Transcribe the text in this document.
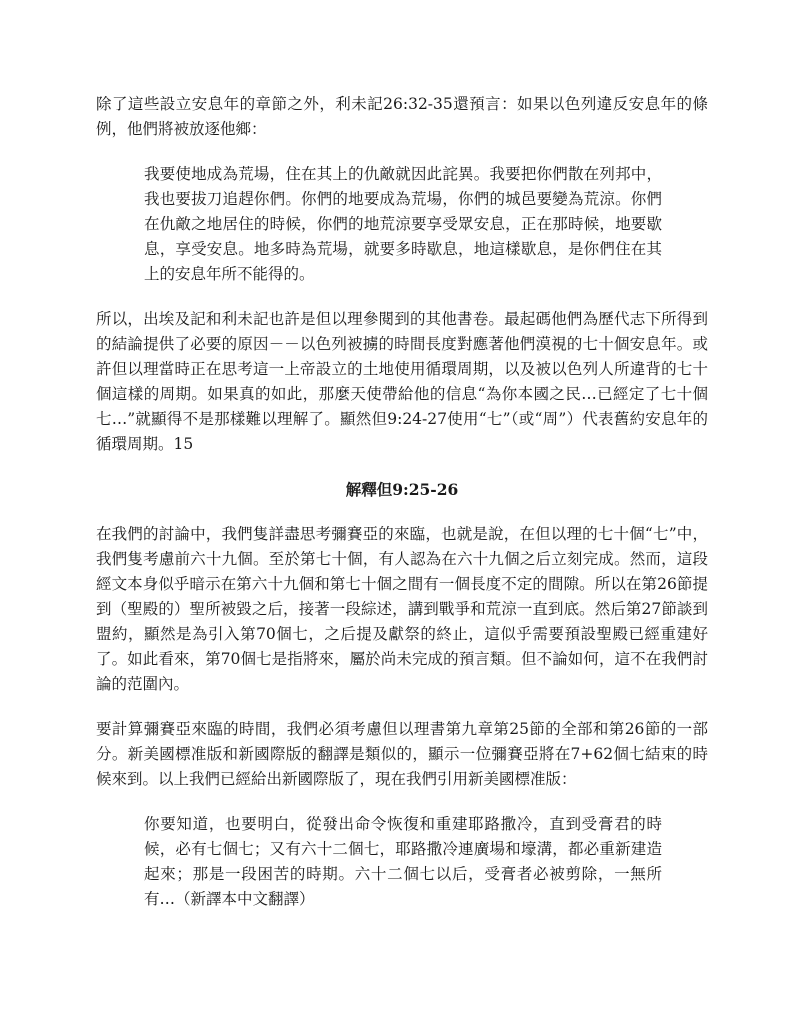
除了這些設立安息年的章節之外，利未記26:32-35還預言：如果以色列違反安息年的條例，他們將被放逐他鄉：

我要使地成為荒場，住在其上的仇敵就因此詫異。我要把你們散在列邦中，我也要拔刀追趕你們。你們的地要成為荒場，你們的城邑要變為荒涼。你們在仇敵之地居住的時候，你們的地荒涼要享受眾安息，正在那時候，地要歇息，享受安息。地多時為荒場，就要多時歇息，地這樣歇息，是你們住在其上的安息年所不能得的。

所以，出埃及記和利未記也許是但以理參閱到的其他書卷。最起碼他們為歷代志下所得到的結論提供了必要的原因－－以色列被擄的時間長度對應著他們漠視的七十個安息年。或許但以理當時正在思考這一上帝設立的土地使用循環周期，以及被以色列人所違背的七十個這樣的周期。如果真的如此，那麼天使帶給他的信息“為你本國之民…已經定了七十個七…”就顯得不是那樣難以理解了。顯然但9:24-27使用“七”（或“周”）代表舊約安息年的循環周期。15

解釋但9:25-26

在我們的討論中，我們隻詳盡思考彌賽亞的來臨，也就是說，在但以理的七十個“七”中，我們隻考慮前六十九個。至於第七十個，有人認為在六十九個之后立刻完成。然而，這段經文本身似乎暗示在第六十九個和第七十個之間有一個長度不定的間隙。所以在第26節提到（聖殿的）聖所被毀之后，接著一段綜述，講到戰爭和荒涼一直到底。然后第27節談到盟約，顯然是為引入第70個七，之后提及獻祭的終止，這似乎需要預設聖殿已經重建好了。如此看來，第70個七是指將來，屬於尚未完成的預言類。但不論如何，這不在我們討論的范圍內。

要計算彌賽亞來臨的時間，我們必須考慮但以理書第九章第25節的全部和第26節的一部分。新美國標准版和新國際版的翻譯是類似的，顯示一位彌賽亞將在7+62個七結束的時候來到。以上我們已經給出新國際版了，現在我們引用新美國標准版：

你要知道，也要明白，從發出命令恢復和重建耶路撒冷，直到受膏君的時候，必有七個七；又有六十二個七，耶路撒冷連廣場和壕溝，都必重新建造起來；那是一段困苦的時期。六十二個七以后，受膏者必被剪除，一無所有…（新譯本中文翻譯）
